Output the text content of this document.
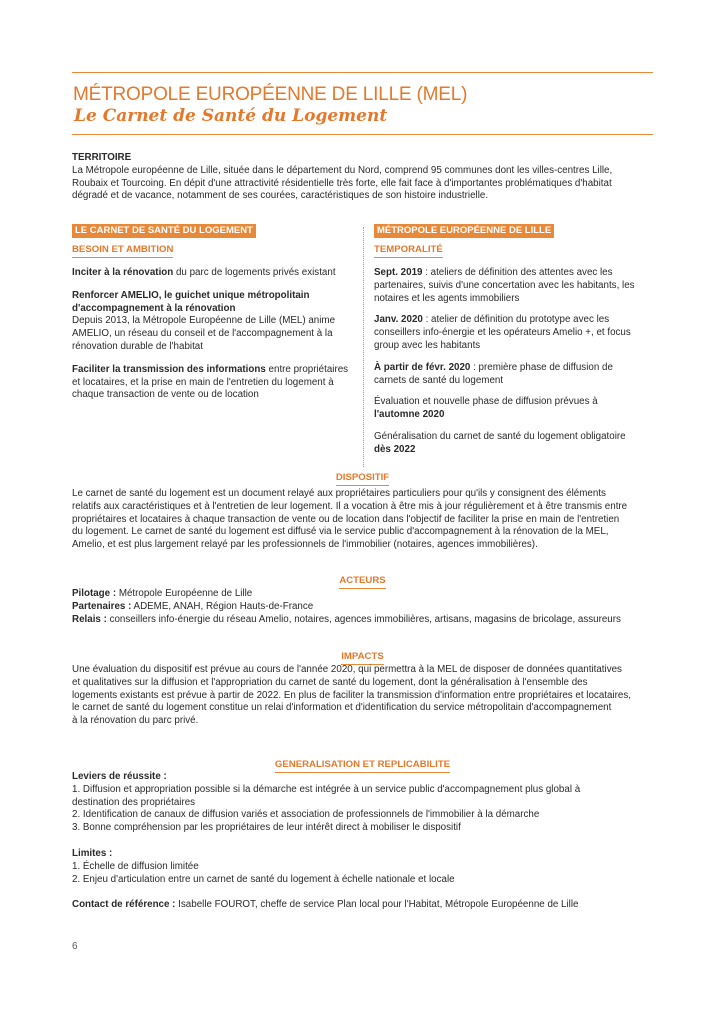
MÉTROPOLE EUROPÉENNE DE LILLE (MEL)
Le Carnet de Santé du Logement

TERRITOIRE

La Métropole européenne de Lille, située dans le département du Nord, comprend 95 communes dont les villes-centres Lille,

Roubaix et Tourcoing. En dépit d'une attractivité résidentielle très forte, elle fait face à d'importantes problématiques d'habitat

dégradé et de vacance, notamment de ses courées, caractéristiques de son histoire industrielle.

LE CARNET DE SANTÉ DU LOGEMENT
BESOIN ET AMBITION

Inciter à la rénovation du parc de logements privés existant

Renforcer AMELIO, le guichet unique métropolitain

d'accompagnement à la rénovation

Depuis 2013, la Métropole Européenne de Lille (MEL) anime

AMELIO, un réseau du conseil et de l'accompagnement à la

rénovation durable de l'habitat

Faciliter la transmission des informations entre propriétaires

et locataires, et la prise en main de l'entretien du logement à

chaque transaction de vente ou de location

MÉTROPOLE EUROPÉENNE DE LILLE
TEMPORALITÉ

Sept. 2019 : ateliers de définition des attentes avec les

partenaires, suivis d'une concertation avec les habitants, les

notaires et les agents immobiliers

Janv. 2020 : atelier de définition du prototype avec les

conseillers info-énergie et les opérateurs Amelio +, et focus

group avec les habitants

À partir de févr. 2020 : première phase de diffusion de

carnets de santé du logement

Évaluation et nouvelle phase de diffusion prévues à

l'automne 2020

Généralisation du carnet de santé du logement obligatoire

dès 2022

DISPOSITIF

Le carnet de santé du logement est un document relayé aux propriétaires particuliers pour qu'ils y consignent des éléments

relatifs aux caractéristiques et à l'entretien de leur logement. Il a vocation à être mis à jour régulièrement et à être transmis entre

propriétaires et locataires à chaque transaction de vente ou de location dans l'objectif de faciliter la prise en main de l'entretien

du logement. Le carnet de santé du logement est diffusé via le service public d'accompagnement à la rénovation de la MEL,

Amelio, et est plus largement relayé par les professionnels de l'immobilier (notaires, agences immobilières).

ACTEURS

Pilotage : Métropole Européenne de Lille

Partenaires : ADEME, ANAH, Région Hauts-de-France

Relais : conseillers info-énergie du réseau Amelio, notaires, agences immobilières, artisans, magasins de bricolage, assureurs

IMPACTS

Une évaluation du dispositif est prévue au cours de l'année 2020, qui permettra à la MEL de disposer de données quantitatives

et qualitatives sur la diffusion et l'appropriation du carnet de santé du logement, dont la généralisation à l'ensemble des

logements existants est prévue à partir de 2022. En plus de faciliter la transmission d'information entre propriétaires et locataires,

le carnet de santé du logement constitue un relai d'information et d'identification du service métropolitain d'accompagnement

à la rénovation du parc privé.

GENERALISATION ET REPLICABILITE

Leviers de réussite :

1. Diffusion et appropriation possible si la démarche est intégrée à un service public d'accompagnement plus global à

destination des propriétaires

2. Identification de canaux de diffusion variés et association de professionnels de l'immobilier à la démarche

3. Bonne compréhension par les propriétaires de leur intérêt direct à mobiliser le dispositif

Limites :

1. Échelle de diffusion limitée

2. Enjeu d'articulation entre un carnet de santé du logement à échelle nationale et locale

Contact de référence : Isabelle FOUROT, cheffe de service Plan local pour l'Habitat, Métropole Européenne de Lille

6
